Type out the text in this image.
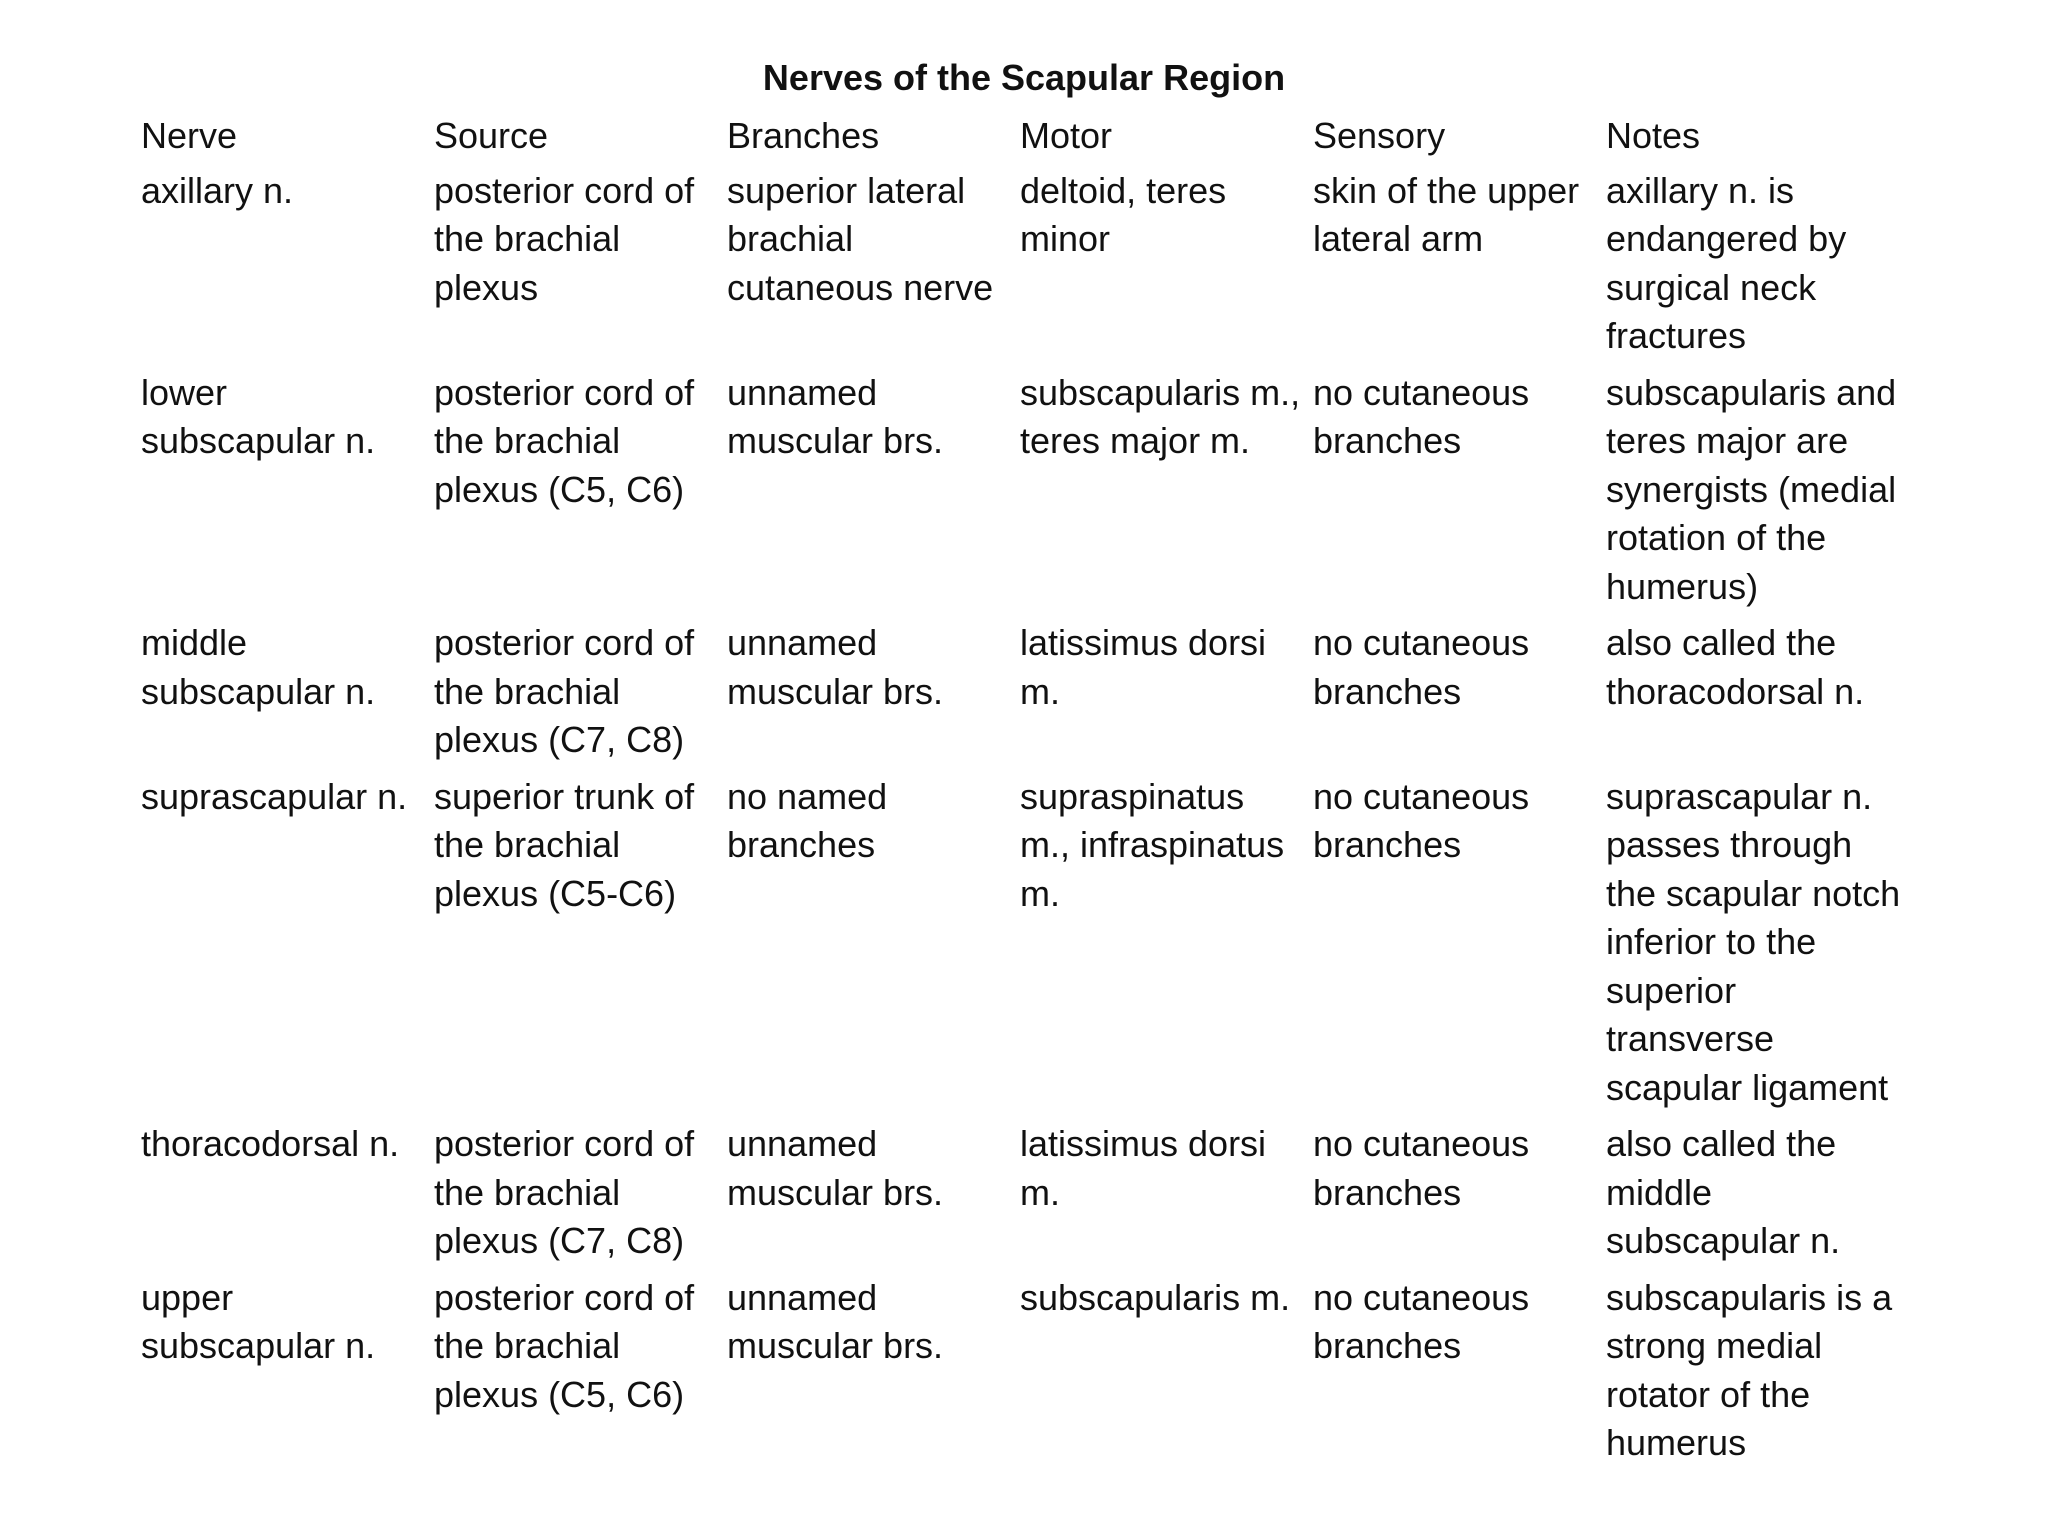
Nerves of the Scapular Region
Nerve	Source	Branches	Motor	Sensory	Notes
axillary n.	posterior cord of the brachial plexus	superior lateral brachial cutaneous nerve	deltoid, teres minor	skin of the upper lateral arm	axillary n. is endangered by surgical neck fractures
lower subscapular n.	posterior cord of the brachial plexus (C5, C6)	unnamed muscular brs.	subscapularis m., teres major m.	no cutaneous branches	subscapularis and teres major are synergists (medial rotation of the humerus)
middle subscapular n.	posterior cord of the brachial plexus (C7, C8)	unnamed muscular brs.	latissimus dorsi m.	no cutaneous branches	also called the thoracodorsal n.
suprascapular n.	superior trunk of the brachial plexus (C5-C6)	no named branches	supraspinatus m., infraspinatus m.	no cutaneous branches	suprascapular n. passes through the scapular notch inferior to the superior transverse scapular ligament
thoracodorsal n.	posterior cord of the brachial plexus (C7, C8)	unnamed muscular brs.	latissimus dorsi m.	no cutaneous branches	also called the middle subscapular n.
upper subscapular n.	posterior cord of the brachial plexus (C5, C6)	unnamed muscular brs.	subscapularis m.	no cutaneous branches	subscapularis is a strong medial rotator of the humerus
